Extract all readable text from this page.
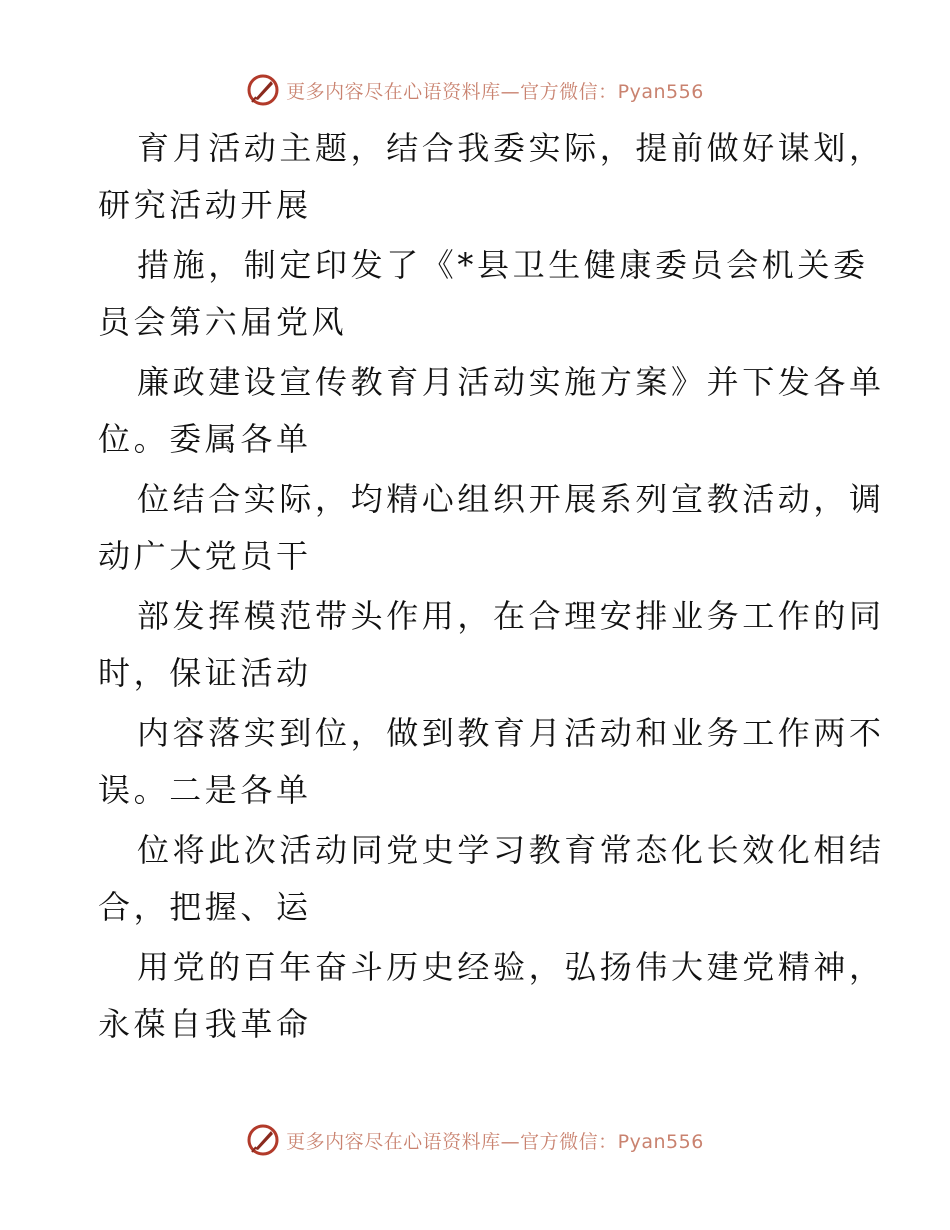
更多内容尽在心语资料库—官方微信：Pyan556
育月活动主题，结合我委实际，提前做好谋划，
研究活动开展
措施，制定印发了《*县卫生健康委员会机关委
员会第六届党风
廉政建设宣传教育月活动实施方案》并下发各单
位。委属各单
位结合实际，均精心组织开展系列宣教活动，调
动广大党员干
部发挥模范带头作用，在合理安排业务工作的同
时，保证活动
内容落实到位，做到教育月活动和业务工作两不
误。二是各单
位将此次活动同党史学习教育常态化长效化相结
合，把握、运
用党的百年奋斗历史经验，弘扬伟大建党精神，
永葆自我革命
更多内容尽在心语资料库—官方微信：Pyan556
